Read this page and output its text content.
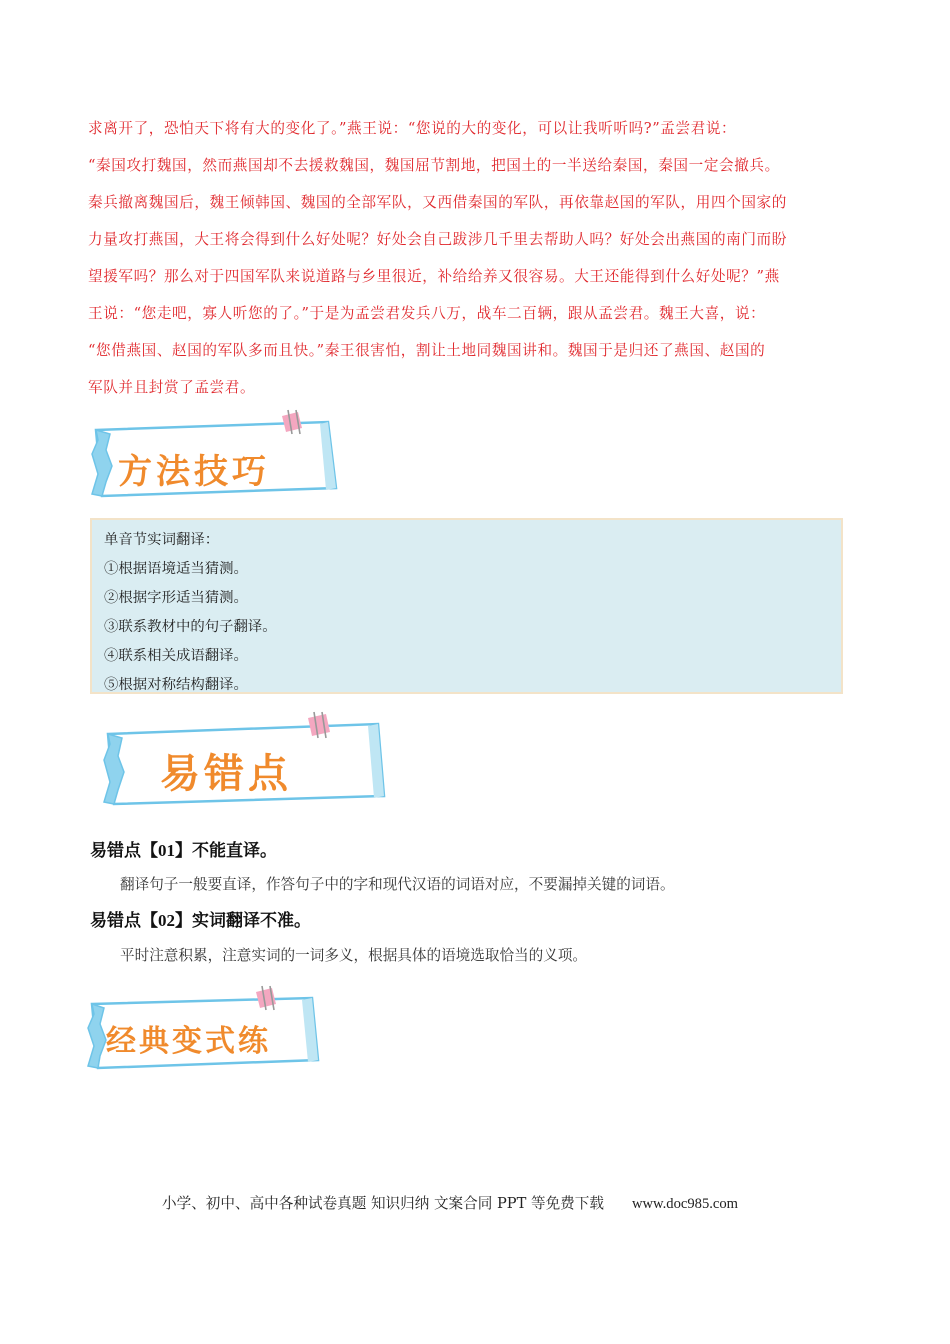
求离开了，恐怕天下将有大的变化了。”燕王说：“您说的大的变化，可以让我听听吗?”孟尝君说：

“秦国攻打魏国，然而燕国却不去援救魏国，魏国屈节割地，把国土的一半送给秦国，秦国一定会撤兵。

秦兵撤离魏国后，魏王倾韩国、魏国的全部军队，又西借秦国的军队，再依靠赵国的军队，用四个国家的

力量攻打燕国，大王将会得到什么好处呢？好处会自己跋涉几千里去帮助人吗？好处会出燕国的南门而盼

望援军吗？那么对于四国军队来说道路与乡里很近，补给给养又很容易。大王还能得到什么好处呢？”燕

王说：“您走吧，寡人听您的了。”于是为孟尝君发兵八万，战车二百辆，跟从孟尝君。魏王大喜，说：

“您借燕国、赵国的军队多而且快。”秦王很害怕，割让土地同魏国讲和。魏国于是归还了燕国、赵国的

军队并且封赏了孟尝君。

方法技巧
单音节实词翻译：
①根据语境适当猜测。
②根据字形适当猜测。
③联系教材中的句子翻译。
④联系相关成语翻译。
⑤根据对称结构翻译。
易错点
易错点【01】不能直译。
翻译句子一般要直译，作答句子中的字和现代汉语的词语对应，不要漏掉关键的词语。
易错点【02】实词翻译不准。
平时注意积累，注意实词的一词多义，根据具体的语境选取恰当的义项。
经典变式练
小学、初中、高中各种试卷真题 知识归纳 文案合同 PPT 等免费下载 www.doc985.com
